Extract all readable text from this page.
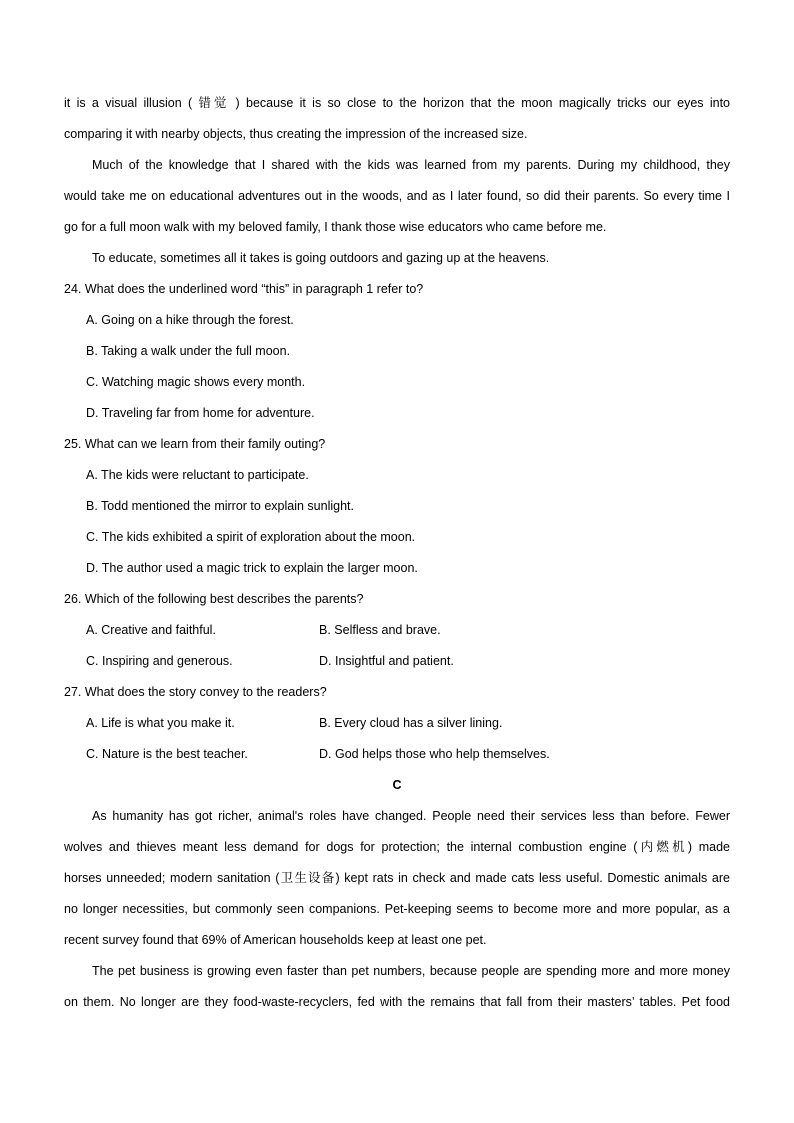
it is a visual illusion ( 错觉 ) because it is so close to the horizon that the moon magically tricks our eyes into
comparing it with nearby objects, thus creating the impression of the increased size.
Much of the knowledge that I shared with the kids was learned from my parents. During my childhood, they
would take me on educational adventures out in the woods, and as I later found, so did their parents. So every time I
go for a full moon walk with my beloved family, I thank those wise educators who came before me.
To educate, sometimes all it takes is going outdoors and gazing up at the heavens.
24. What does the underlined word “this” in paragraph 1 refer to?
A. Going on a hike through the forest.
B. Taking a walk under the full moon.
C. Watching magic shows every month.
D. Traveling far from home for adventure.
25. What can we learn from their family outing?
A. The kids were reluctant to participate.
B. Todd mentioned the mirror to explain sunlight.
C. The kids exhibited a spirit of exploration about the moon.
D. The author used a magic trick to explain the larger moon.
26. Which of the following best describes the parents?
A. Creative and faithful.	B. Selfless and brave.
C. Inspiring and generous.	D. Insightful and patient.
27. What does the story convey to the readers?
A. Life is what you make it.	B. Every cloud has a silver lining.
C. Nature is the best teacher.	D. God helps those who help themselves.
C
As humanity has got richer, animal's roles have changed. People need their services less than before. Fewer
wolves and thieves meant less demand for dogs for protection; the internal combustion engine (内燃机) made
horses unneeded; modern sanitation (卫生设备) kept rats in check and made cats less useful. Domestic animals are
no longer necessities, but commonly seen companions. Pet-keeping seems to become more and more popular, as a
recent survey found that 69% of American households keep at least one pet.
The pet business is growing even faster than pet numbers, because people are spending more and more money
on them. No longer are they food-waste-recyclers, fed with the remains that fall from their masters’ tables. Pet food
